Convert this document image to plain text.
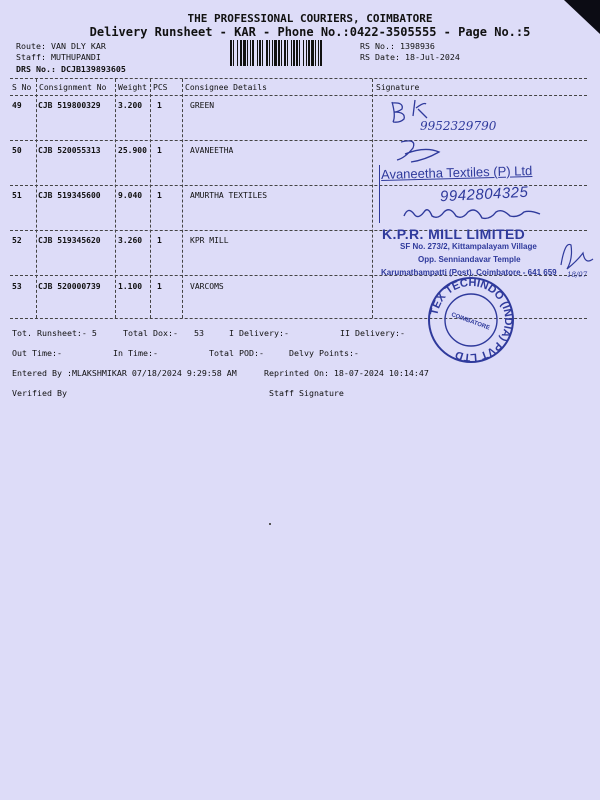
THE PROFESSIONAL COURIERS, COIMBATORE
Delivery Runsheet - KAR - Phone No.:0422-3505555 - Page No.:5
Route: VAN DLY KAR
Staff: MUTHUPANDI
DRS No.: DCJB139893605
RS No.: 1398936
RS Date: 18-Jul-2024
S No Consignment No Weight PCS Consignee Details	Signature
49 CJB 519800329 3.200 1	GREEN
50 CJB 520055313 25.900 1	AVANEETHA
51 CJB 519345600 9.040 1	AMURTHA TEXTILES
52 CJB 519345620 3.260 1	KPR MILL
53 CJB 520000739 1.100 1	VARCOMS
9952329790
Avaneetha Textiles (P) Ltd
9942804325
K.P.R. MILL LIMITED
SF No. 273/2, Kittampalayam Village
Opp. Senniandavar Temple
Karumathampatti (Post), Coimbatore - 641 659 18/07
TEX TECHINDO (INDIA) PVT LTD
COIMBATORE
Tot. Runsheet:- 5	Total Dox:- 53	I Delivery:-	II Delivery:-
Out Time:-	In Time:-	Total POD:-	Delvy Points:-
Entered By :MLAKSHMIKAR 07/18/2024 9:29:58 AM	Reprinted On: 18-07-2024 10:14:47
Verified By	Staff Signature
